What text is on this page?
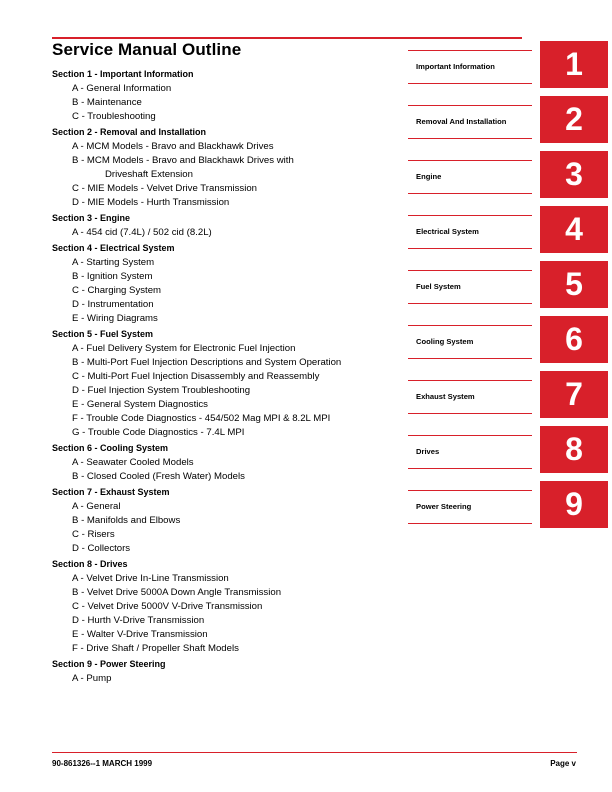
Service Manual Outline
Section 1 - Important Information
A - General Information
B - Maintenance
C - Troubleshooting
Section 2 - Removal and Installation
A - MCM Models - Bravo and Blackhawk Drives
B - MCM Models - Bravo and Blackhawk Drives with
Driveshaft Extension
C - MIE Models - Velvet Drive Transmission
D - MIE Models - Hurth Transmission
Section 3 - Engine
A - 454 cid (7.4L) / 502 cid (8.2L)
Section 4 - Electrical System
A - Starting System
B - Ignition System
C - Charging System
D - Instrumentation
E - Wiring Diagrams
Section 5 - Fuel System
A - Fuel Delivery System for Electronic Fuel Injection
B - Multi-Port Fuel Injection Descriptions and System Operation
C - Multi-Port Fuel Injection Disassembly and Reassembly
D - Fuel Injection System Troubleshooting
E - General System Diagnostics
F - Trouble Code Diagnostics - 454/502 Mag MPI & 8.2L MPI
G - Trouble Code Diagnostics - 7.4L MPI
Section 6 - Cooling System
A - Seawater Cooled Models
B - Closed Cooled (Fresh Water) Models
Section 7 - Exhaust System
A - General
B - Manifolds and Elbows
C - Risers
D - Collectors
Section 8 - Drives
A - Velvet Drive In-Line Transmission
B - Velvet Drive 5000A Down Angle Transmission
C - Velvet Drive 5000V V-Drive Transmission
D - Hurth V-Drive Transmission
E - Walter V-Drive Transmission
F - Drive Shaft / Propeller Shaft Models
Section 9 - Power Steering
A - Pump
Important Information	1
Removal And Installation	2
Engine	3
Electrical System	4
Fuel System	5
Cooling System	6
Exhaust System	7
Drives	8
Power Steering	9
90-861326--1 MARCH 1999	Page v
